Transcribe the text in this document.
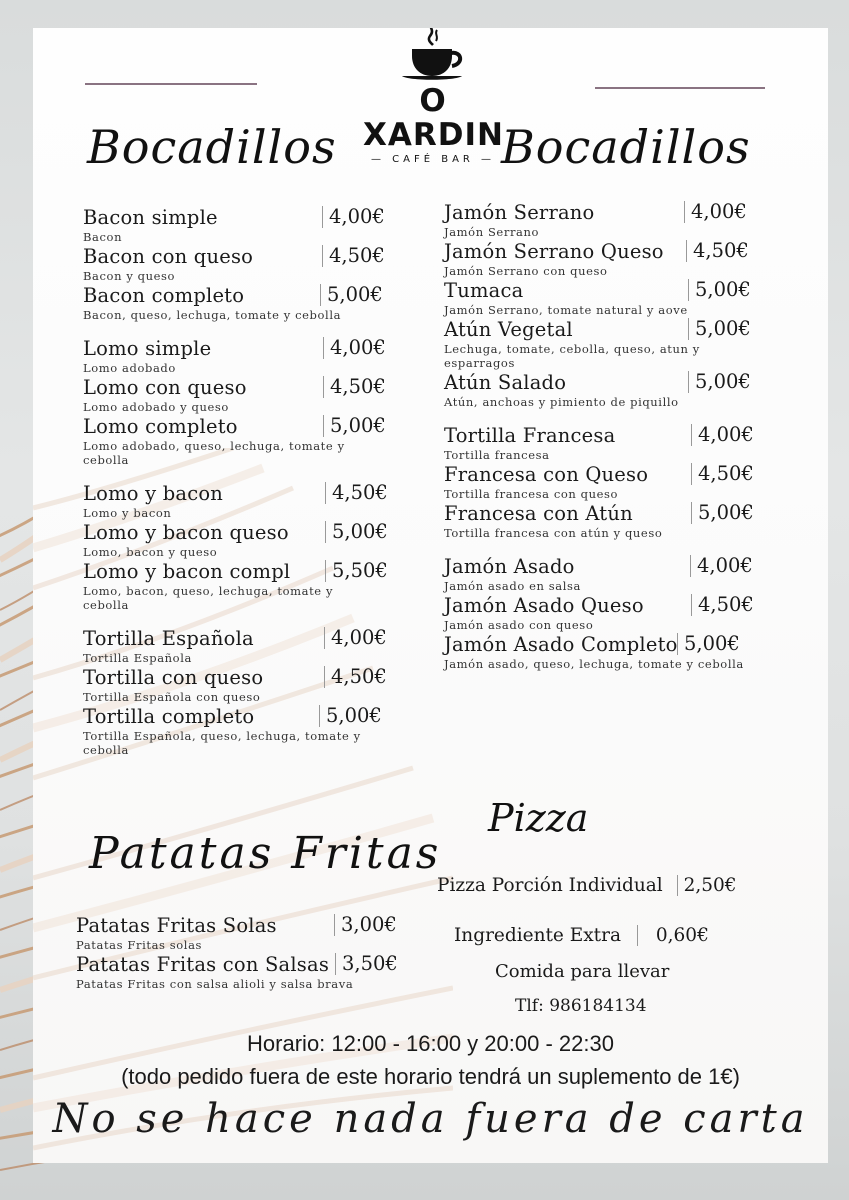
O XARDIN
— CAFÉ BAR —
Bocadillos	Bocadillos
Bacon simple	4,00€
Bacon
Bacon con queso	4,50€
Bacon y queso
Bacon completo	5,00€
Bacon, queso, lechuga, tomate y cebolla
Lomo simple	4,00€
Lomo adobado
Lomo con queso	4,50€
Lomo adobado y queso
Lomo completo	5,00€
Lomo adobado, queso, lechuga, tomate y
cebolla
Lomo y bacon	4,50€
Lomo y bacon
Lomo y bacon queso	5,00€
Lomo, bacon y queso
Lomo y bacon compl	5,50€
Lomo, bacon, queso, lechuga, tomate y
cebolla
Tortilla Española	4,00€
Tortilla Española
Tortilla con queso	4,50€
Tortilla Española con queso
Tortilla completo	5,00€
Tortilla Española, queso, lechuga, tomate y
cebolla
Jamón Serrano	4,00€
Jamón Serrano
Jamón Serrano Queso	4,50€
Jamón Serrano con queso
Tumaca	5,00€
Jamón Serrano, tomate natural y aove
Atún Vegetal	5,00€
Lechuga, tomate, cebolla, queso, atun y
esparragos
Atún Salado	5,00€
Atún, anchoas y pimiento de piquillo
Tortilla Francesa	4,00€
Tortilla francesa
Francesa con Queso	4,50€
Tortilla francesa con queso
Francesa con Atún	5,00€
Tortilla francesa con atún y queso
Jamón Asado	4,00€
Jamón asado en salsa
Jamón Asado Queso	4,50€
Jamón asado con queso
Jamón Asado Completo 5,00€
Jamón asado, queso, lechuga, tomate y cebolla
Patatas Fritas
Patatas Fritas Solas	3,00€
Patatas Fritas solas
Patatas Fritas con Salsas 3,50€
Patatas Fritas con salsa alioli y salsa brava
Pizza
Pizza Porción Individual 2,50€
Ingrediente Extra 0,60€
Comida para llevar
Tlf: 986184134
Horario: 12:00 - 16:00 y 20:00 - 22:30
(todo pedido fuera de este horario tendrá un suplemento de 1€)
No se hace nada fuera de carta
